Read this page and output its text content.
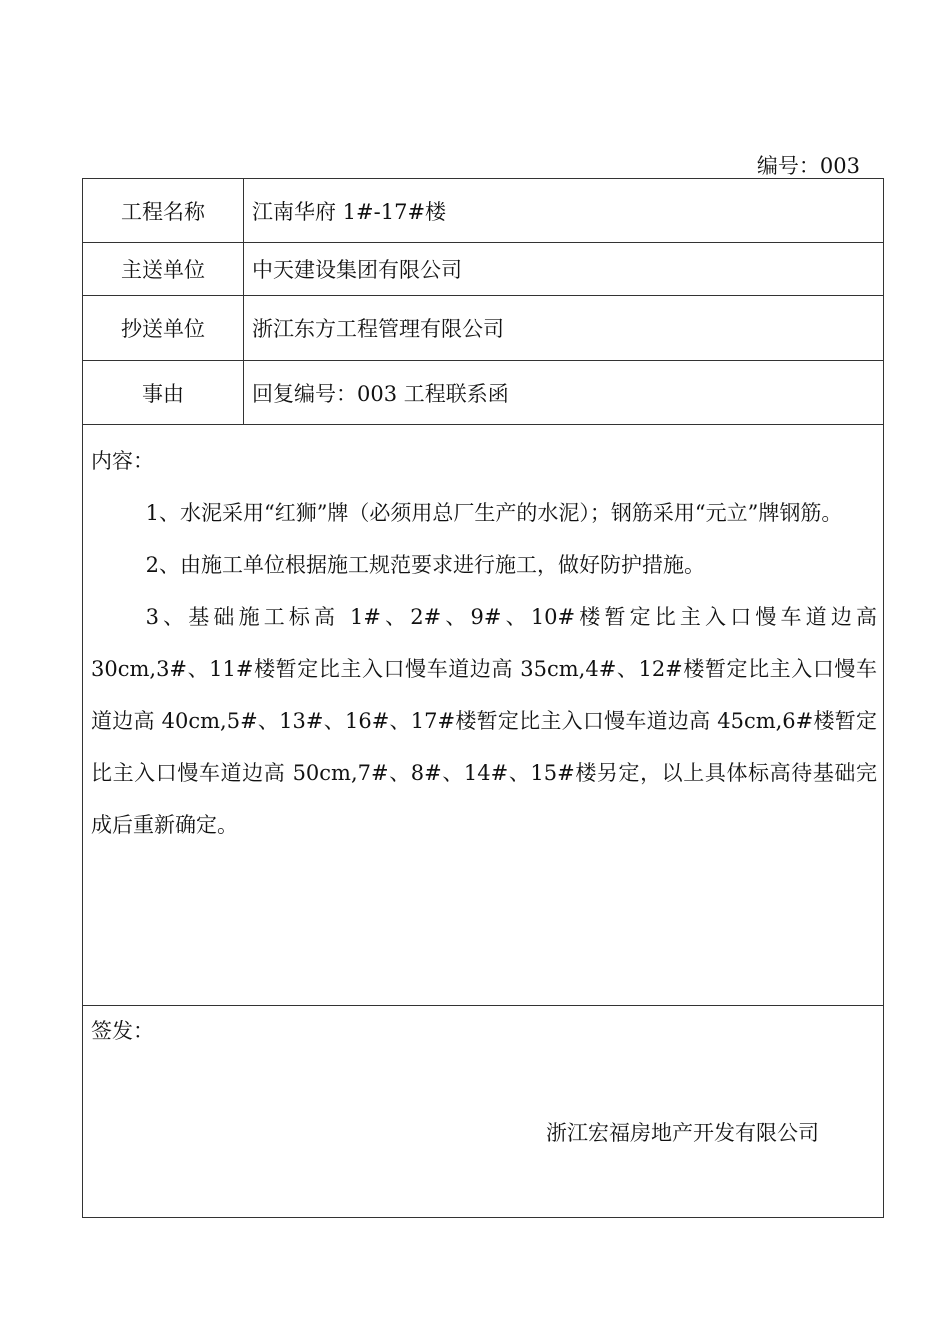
编号：003
工程名称	江南华府 1#-17#楼
主送单位	中天建设集团有限公司
抄送单位	浙江东方工程管理有限公司
事由	回复编号：003 工程联系函

内容：

1、水泥采用“红狮”牌（必须用总厂生产的水泥）；钢筋采用“元立”牌钢筋。

2、由施工单位根据施工规范要求进行施工，做好防护措施。

3、基础施工标高 1#、2#、9#、10#楼暂定比主入口慢车道边高 30cm,3#、11#楼暂定比主入口慢车道边高 35cm,4#、12#楼暂定比主入口慢车道边高 40cm,5#、13#、16#、17#楼暂定比主入口慢车道边高 45cm,6#楼暂定比主入口慢车道边高 50cm,7#、8#、14#、15#楼另定，以上具体标高待基础完成后重新确定。	

签发：
浙江宏福房地产开发有限公司	
